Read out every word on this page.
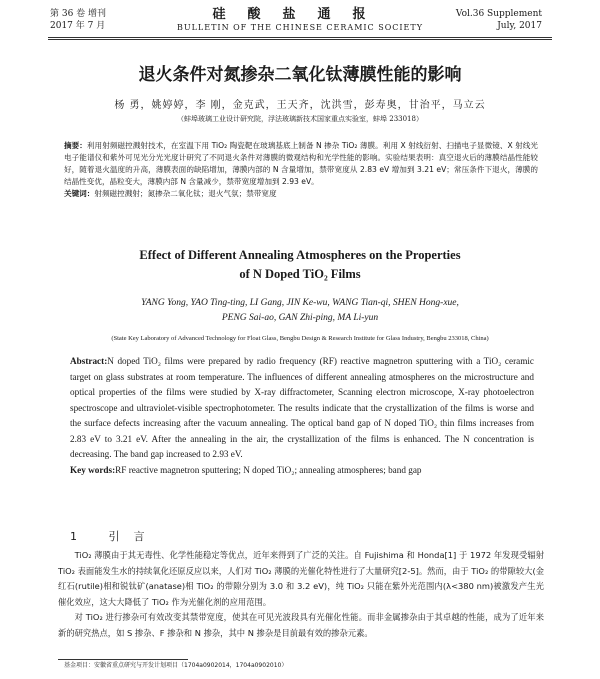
第 36 卷 增刊
2017 年 7 月
硅酸盐通报
BULLETIN OF THE CHINESE CERAMIC SOCIETY
Vol.36 Supplement
July, 2017
退火条件对氮掺杂二氧化钛薄膜性能的影响
杨 勇，姚婷婷，李 刚，金克武，王天齐，沈洪雪，彭寿奥，甘治平，马立云
（蚌埠玻璃工业设计研究院，浮法玻璃新技术国家重点实验室，蚌埠 233018）
摘要：利用射频磁控溅射技术，在室温下用 TiO₂ 陶瓷靶在玻璃基底上制备 N 掺杂 TiO₂ 薄膜。利用 X 射线衍射、扫描电子显微镜、X 射线光电子能谱仪和紫外可见光分光光度计研究了不同退火条件对薄膜的微观结构和光学性能的影响。实验结果表明：真空退火后的薄膜结晶性能较好，随着退火温度的升高，薄膜表面的缺陷增加，薄膜内部的 N 含量增加，禁带宽度从 2.83 eV 增加到 3.21 eV；常压条件下退火，薄膜的结晶性变优，晶粒变大，薄膜内部 N 含量减少，禁带宽度增加到 2.93 eV。
关键词：射频磁控溅射；氮掺杂二氧化钛；退火气氛；禁带宽度
Effect of Different Annealing Atmospheres on the Properties
of N Doped TiO₂ Films
YANG Yong, YAO Ting-ting, LI Gang, JIN Ke-wu, WANG Tian-qi, SHEN Hong-xue,
PENG Sai-ao, GAN Zhi-ping, MA Li-yun
(State Key Laboratory of Advanced Technology for Float Glass, Bengbu Design & Research Institute for Glass Industry, Bengbu 233018, China)
Abstract:N doped TiO₂ films were prepared by radio frequency (RF) reactive magnetron sputtering with a TiO₂ ceramic target on glass substrates at room temperature. The influences of different annealing atmospheres on the microstructure and optical properties of the films were studied by X-ray diffractometer, Scanning electron microscope, X-ray photoelectron spectroscope and ultraviolet-visible spectrophotometer. The results indicate that the crystallization of the films is worse and the surface defects increasing after the vacuum annealing. The optical band gap of N doped TiO₂ thin films increases from 2.83 eV to 3.21 eV. After the annealing in the air, the crystallization of the films is enhanced. The N concentration is decreasing. The band gap increased to 2.93 eV.
Key words:RF reactive magnetron sputtering; N doped TiO₂; annealing atmospheres; band gap
1 引言

TiO₂ 薄膜由于其无毒性、化学性能稳定等优点，近年来得到了广泛的关注。自 Fujishima 和 Honda[1] 于 1972 年发现受辐射 TiO₂ 表面能发生水的持续氧化还原反应以来，人们对 TiO₂ 薄膜的光催化特性进行了大量研究[2-5]。然而，由于 TiO₂ 的带隙较大(金红石(rutile)相和锐钛矿(anatase)相 TiO₂ 的带隙分别为 3.0 和 3.2 eV)，纯 TiO₂ 只能在紫外光范围内(λ<380 nm)被激发产生光催化效应，这大大降低了 TiO₂ 作为光催化剂的应用范围。

对 TiO₂ 进行掺杂可有效改变其禁带宽度，使其在可见光波段具有光催化性能。而非金属掺杂由于其卓越的性能，成为了近年来新的研究热点，如 S 掺杂、F 掺杂和 N 掺杂，其中 N 掺杂是目前最有效的掺杂元素。

基金项目：安徽省重点研究与开发计划项目（1704a0902014，1704a0902010）
